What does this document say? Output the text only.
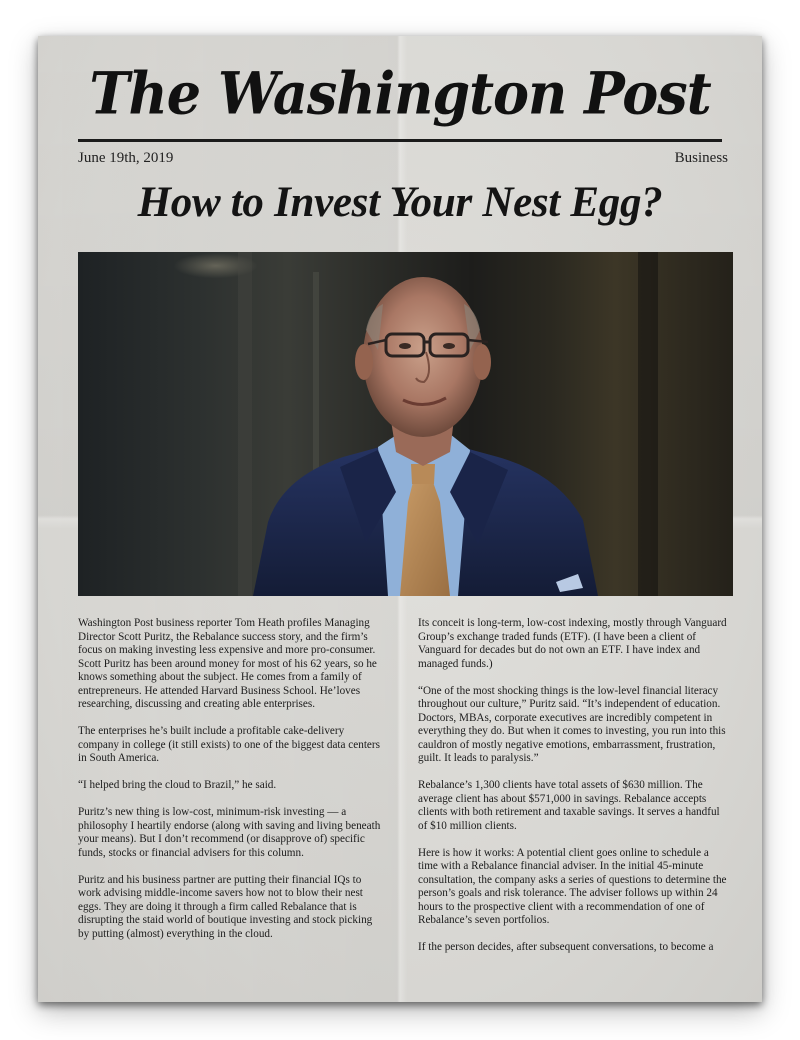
The Washington Post
June 19th, 2019	Business
How to Invest Your Nest Egg?

Washington Post business reporter Tom Heath profiles Managing Director Scott Puritz, the Rebalance success story, and the firm’s focus on making investing less expensive and more pro-consumer.

Scott Puritz has been around money for most of his 62 years, so he knows something about the subject. He comes from a family of entrepreneurs. He attended Harvard Business School. He’loves researching, discussing and creating able enterprises.

The enterprises he’s built include a profitable cake-delivery company in college (it still exists) to one of the biggest data centers in South America.

“I helped bring the cloud to Brazil,” he said.

Puritz’s new thing is low-cost, minimum-risk investing — a philosophy I heartily endorse (along with saving and living beneath your means). But I don’t recommend (or disapprove of) specific funds, stocks or financial advisers for this column.

Puritz and his business partner are putting their financial IQs to work advising middle-income savers how not to blow their nest eggs. They are doing it through a firm called Rebalance that is disrupting the staid world of boutique investing and stock picking by putting (almost) everything in the cloud.

Its conceit is long-term, low-cost indexing, mostly through Vanguard Group’s exchange traded funds (ETF). (I have been a client of Vanguard for decades but do not own an ETF. I have index and managed funds.)

“One of the most shocking things is the low-level financial literacy throughout our culture,” Puritz said. “It’s independent of education. Doctors, MBAs, corporate executives are incredibly competent in everything they do. But when it comes to investing, you run into this cauldron of mostly negative emotions, embarrassment, frustration, guilt. It leads to paralysis.”

Rebalance’s 1,300 clients have total assets of $630 million. The average client has about $571,000 in savings. Rebalance accepts clients with both retirement and taxable savings. It serves a handful of $10 million clients.

Here is how it works: A potential client goes online to schedule a time with a Rebalance financial adviser. In the initial 45-minute consultation, the company asks a series of questions to determine the person’s goals and risk tolerance. The adviser follows up within 24 hours to the prospective client with a recommendation of one of Rebalance’s seven portfolios.

If the person decides, after subsequent conversations, to become a
